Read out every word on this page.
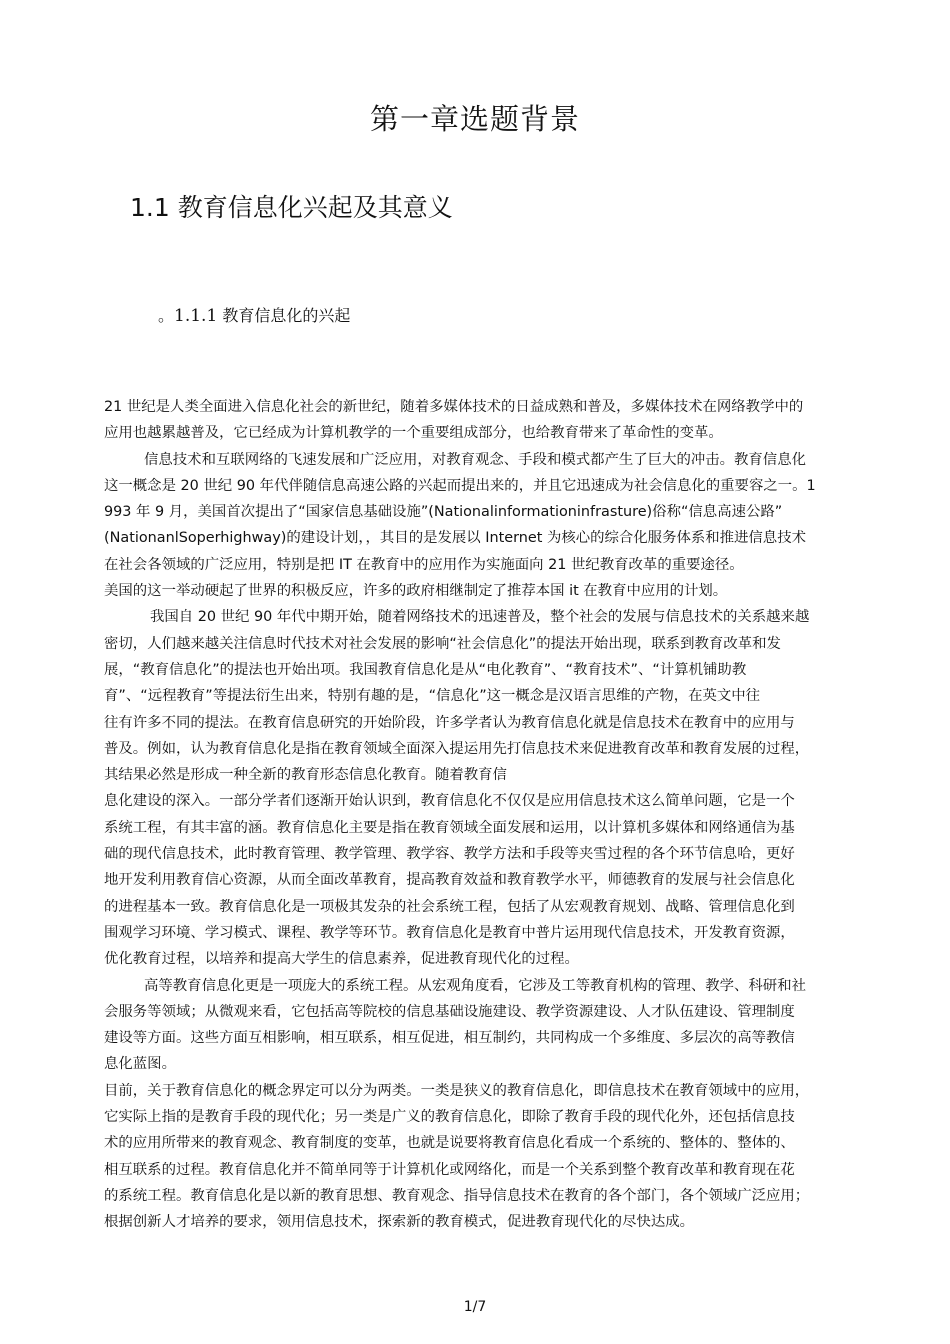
第一章选题背景
1.1 教育信息化兴起及其意义
。1.1.1 教育信息化的兴起
21 世纪是人类全面进入信息化社会的新世纪，随着多媒体技术的日益成熟和普及，多媒体技术在网络教学中的
应用也越累越普及，它已经成为计算机教学的一个重要组成部分，也给教育带来了革命性的变革。
信息技术和互联网络的飞速发展和广泛应用，对教育观念、手段和模式都产生了巨大的冲击。教育信息化
这一概念是 20 世纪 90 年代伴随信息高速公路的兴起而提出来的，并且它迅速成为社会信息化的重要容之一。1
993 年 9 月，美国首次提出了“国家信息基础设施”(Nationalinformationinfrasture)俗称“信息高速公路”
(NationanlSoperhighway)的建设计划，，其目的是发展以 Internet 为核心的综合化服务体系和推进信息技术
在社会各领域的广泛应用，特别是把 IT 在教育中的应用作为实施面向 21 世纪教育改革的重要途径。
美国的这一举动硬起了世界的积极反应，许多的政府相继制定了推荐本国 it 在教育中应用的计划。
我国自 20 世纪 90 年代中期开始，随着网络技术的迅速普及，整个社会的发展与信息技术的关系越来越
密切，人们越来越关注信息时代技术对社会发展的影响“社会信息化”的提法开始出现，联系到教育改革和发
展，“教育信息化”的提法也开始出项。我国教育信息化是从“电化教育”、“教育技术”、“计算机铺助教
育”、“远程教育”等提法衍生出来，特别有趣的是，“信息化”这一概念是汉语言思维的产物，在英文中往
往有许多不同的提法。在教育信息研究的开始阶段，许多学者认为教育信息化就是信息技术在教育中的应用与
普及。例如，认为教育信息化是指在教育领域全面深入提运用先打信息技术来促进教育改革和教育发展的过程，
其结果必然是形成一种全新的教育形态信息化教育。随着教育信
息化建设的深入。一部分学者们逐渐开始认识到，教育信息化不仅仅是应用信息技术这么简单问题，它是一个
系统工程，有其丰富的涵。教育信息化主要是指在教育领域全面发展和运用，以计算机多媒体和网络通信为基
础的现代信息技术，此时教育管理、教学管理、教学容、教学方法和手段等夹雪过程的各个环节信息哈，更好
地开发利用教育信心资源，从而全面改革教育，提高教育效益和教育教学水平，师德教育的发展与社会信息化
的进程基本一致。教育信息化是一项极其发杂的社会系统工程，包括了从宏观教育规划、战略、管理信息化到
围观学习环境、学习模式、课程、教学等环节。教育信息化是教育中普片运用现代信息技术，开发教育资源，
优化教育过程，以培养和提高大学生的信息素养，促进教育现代化的过程。
高等教育信息化更是一项庞大的系统工程。从宏观角度看，它涉及工等教育机构的管理、教学、科研和社
会服务等领域；从微观来看，它包括高等院校的信息基础设施建设、教学资源建设、人才队伍建设、管理制度
建设等方面。这些方面互相影响，相互联系，相互促进，相互制约，共同构成一个多维度、多层次的高等教信
息化蓝图。
目前，关于教育信息化的概念界定可以分为两类。一类是狭义的教育信息化，即信息技术在教育领域中的应用，
它实际上指的是教育手段的现代化；另一类是广义的教育信息化，即除了教育手段的现代化外，还包括信息技
术的应用所带来的教育观念、教育制度的变革，也就是说要将教育信息化看成一个系统的、整体的、整体的、
相互联系的过程。教育信息化并不简单同等于计算机化或网络化，而是一个关系到整个教育改革和教育现在花
的系统工程。教育信息化是以新的教育思想、教育观念、指导信息技术在教育的各个部门，各个领域广泛应用；
根据创新人才培养的要求，领用信息技术，探索新的教育模式，促进教育现代化的尽快达成。
1/7
